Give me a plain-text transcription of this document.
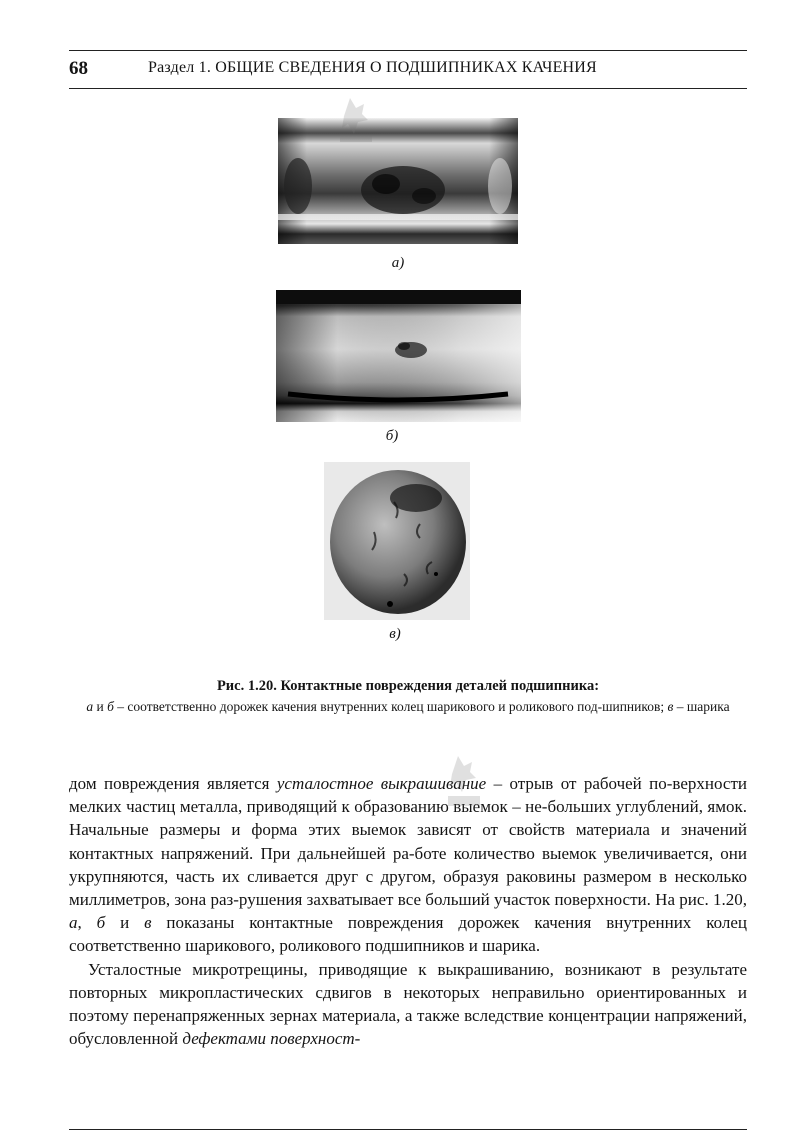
68	Раздел 1. ОБЩИЕ СВЕДЕНИЯ О ПОДШИПНИКАХ КАЧЕНИЯ
а)
б)
в)
Рис. 1.20. Контактные повреждения деталей подшипника:
а и б – соответственно дорожек качения внутренних колец шарикового и роликового под-шипников; в – шарика

дом повреждения является усталостное выкрашивание – отрыв от рабочей по-верхности мелких частиц металла, приводящий к образованию выемок – не-больших углублений, ямок. Начальные размеры и форма этих выемок зависят от свойств материала и значений контактных напряжений. При дальнейшей ра-боте количество выемок увеличивается, они укрупняются, часть их сливается друг с другом, образуя раковины размером в несколько миллиметров, зона раз-рушения захватывает все больший участок поверхности. На рис. 1.20, а, б и в показаны контактные повреждения дорожек качения внутренних колец соответственно шарикового, роликового подшипников и шарика.

Усталостные микротрещины, приводящие к выкрашиванию, возникают в результате повторных микропластических сдвигов в некоторых неправильно ориентированных и поэтому перенапряженных зернах материала, а также вследствие концентрации напряжений, обусловленной дефектами поверхност-
